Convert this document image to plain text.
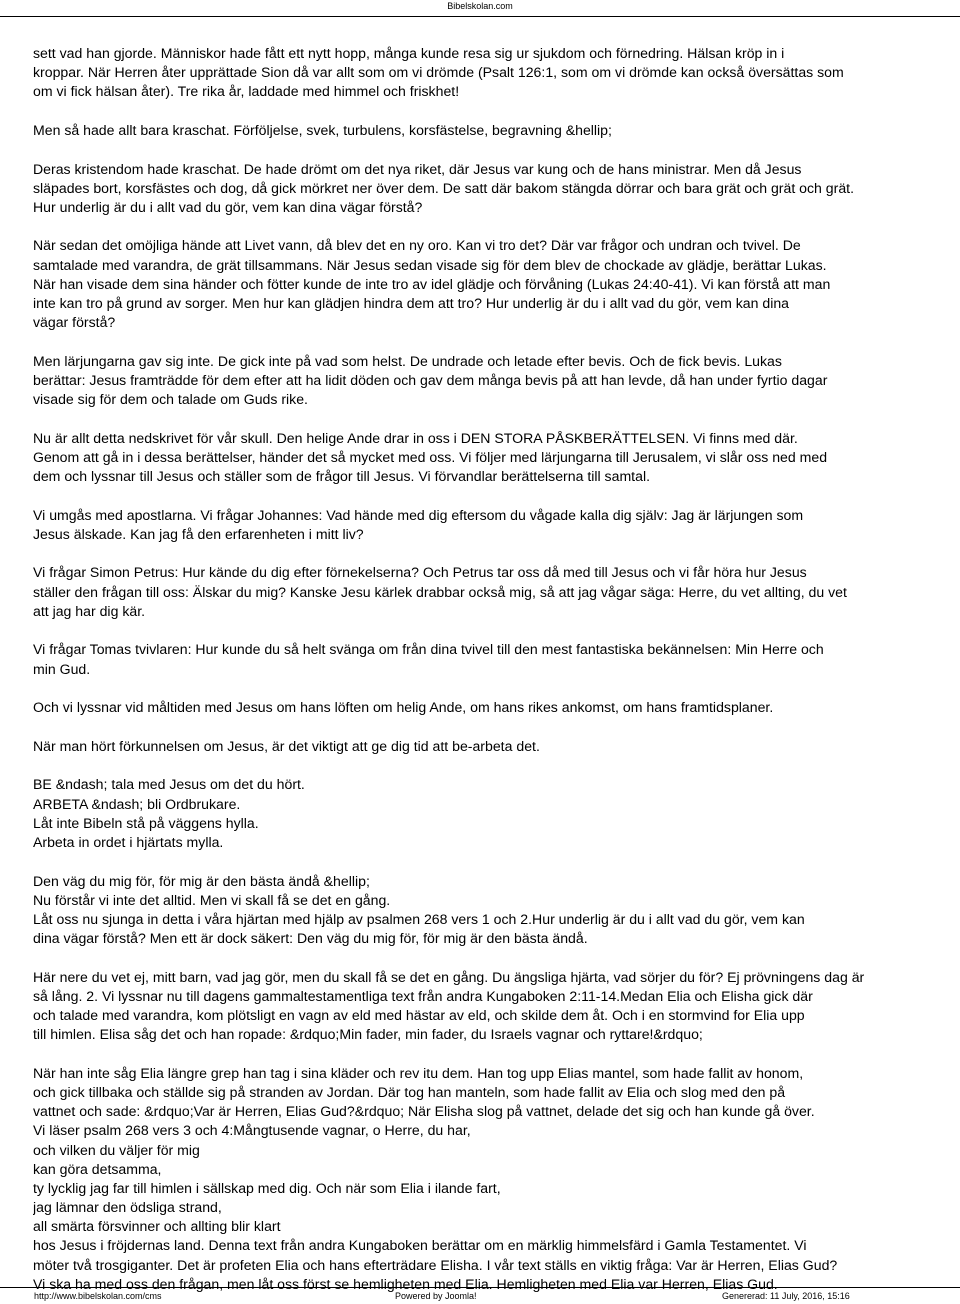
Bibelskolan.com
sett vad han gjorde. Människor hade fått ett nytt hopp, många kunde resa sig ur sjukdom och förnedring. Hälsan kröp in i
kroppar. När Herren åter upprättade Sion då var allt som om vi drömde (Psalt 126:1, som om vi drömde kan också översättas som
om vi fick hälsan åter). Tre rika år, laddade med himmel och friskhet!
Men så hade allt bara kraschat. Förföljelse, svek, turbulens, korsfästelse, begravning &hellip;
Deras kristendom hade kraschat. De hade drömt om det nya riket, där Jesus var kung och de hans ministrar. Men då Jesus
släpades bort, korsfästes och dog, då gick mörkret ner över dem. De satt där bakom stängda dörrar och bara grät och grät och grät.
Hur underlig är du i allt vad du gör, vem kan dina vägar förstå?
När sedan det omöjliga hände att Livet vann, då blev det en ny oro. Kan vi tro det? Där var frågor och undran och tvivel. De
samtalade med varandra, de grät tillsammans. När Jesus sedan visade sig för dem blev de chockade av glädje, berättar Lukas.
När han visade dem sina händer och fötter kunde de inte tro av idel glädje och förvåning (Lukas 24:40-41). Vi kan förstå att man
inte kan tro på grund av sorger. Men hur kan glädjen hindra dem att tro? Hur underlig är du i allt vad du gör, vem kan dina
vägar förstå?
Men lärjungarna gav sig inte. De gick inte på vad som helst. De undrade och letade efter bevis. Och de fick bevis. Lukas
berättar: Jesus framträdde för dem efter att ha lidit döden och gav dem många bevis på att han levde, då han under fyrtio dagar
visade sig för dem och talade om Guds rike.
Nu är allt detta nedskrivet för vår skull. Den helige Ande drar in oss i DEN STORA PÅSKBERÄTTELSEN. Vi finns med där.
Genom att gå in i dessa berättelser, händer det så mycket med oss. Vi följer med lärjungarna till Jerusalem, vi slår oss ned med
dem och lyssnar till Jesus och ställer som de frågor till Jesus. Vi förvandlar berättelserna till samtal.
Vi umgås med apostlarna. Vi frågar Johannes: Vad hände med dig eftersom du vågade kalla dig själv: Jag är lärjungen som
Jesus älskade. Kan jag få den erfarenheten i mitt liv?
Vi frågar Simon Petrus: Hur kände du dig efter förnekelserna? Och Petrus tar oss då med till Jesus och vi får höra hur Jesus
ställer den frågan till oss: Älskar du mig? Kanske Jesu kärlek drabbar också mig, så att jag vågar säga: Herre, du vet allting, du vet
att jag har dig kär.
Vi frågar Tomas tvivlaren: Hur kunde du så helt svänga om från dina tvivel till den mest fantastiska bekännelsen: Min Herre och
min Gud.
Och vi lyssnar vid måltiden med Jesus om hans löften om helig Ande, om hans rikes ankomst, om hans framtidsplaner.
När man hört förkunnelsen om Jesus, är det viktigt att ge dig tid att be-arbeta det.
BE &ndash; tala med Jesus om det du hört.
ARBETA &ndash; bli Ordbrukare.
Låt inte Bibeln stå på väggens hylla.
Arbeta in ordet i hjärtats mylla.
Den väg du mig för, för mig är den bästa ändå &hellip;
Nu förstår vi inte det alltid. Men vi skall få se det en gång.
Låt oss nu sjunga in detta i våra hjärtan med hjälp av psalmen 268 vers 1 och 2.Hur underlig är du i allt vad du gör, vem kan
dina vägar förstå? Men ett är dock säkert: Den väg du mig för, för mig är den bästa ändå.
Här nere du vet ej, mitt barn, vad jag gör, men du skall få se det en gång. Du ängsliga hjärta, vad sörjer du för? Ej prövningens dag är
så lång. 2. Vi lyssnar nu till dagens gammaltestamentliga text från andra Kungaboken 2:11-14.Medan Elia och Elisha gick där
och talade med varandra, kom plötsligt en vagn av eld med hästar av eld, och skilde dem åt. Och i en stormvind for Elia upp
till himlen. Elisa såg det och han ropade: &rdquo;Min fader, min fader, du Israels vagnar och ryttare!&rdquo;
När han inte såg Elia längre grep han tag i sina kläder och rev itu dem. Han tog upp Elias mantel, som hade fallit av honom,
och gick tillbaka och ställde sig på stranden av Jordan. Där tog han manteln, som hade fallit av Elia och slog med den på
vattnet och sade: &rdquo;Var är Herren, Elias Gud?&rdquo; När Elisha slog på vattnet, delade det sig och han kunde gå över.
Vi läser psalm 268 vers 3 och 4:Mångtusende vagnar, o Herre, du har,
och vilken du väljer för mig
kan göra detsamma,
ty lycklig jag far till himlen i sällskap med dig. Och när som Elia i ilande fart,
jag lämnar den ödsliga strand,
all smärta försvinner och allting blir klart
hos Jesus i fröjdernas land. Denna text från andra Kungaboken berättar om en märklig himmelsfärd i Gamla Testamentet. Vi
möter två trosgiganter. Det är profeten Elia och hans efterträdare Elisha. I vår text ställs en viktig fråga: Var är Herren, Elias Gud?
Vi ska ha med oss den frågan, men låt oss först se hemligheten med Elia. Hemligheten med Elia var Herren, Elias Gud.
http://www.bibelskolan.com/cms	Powered by Joomla!	Genererad: 11 July, 2016, 15:16
